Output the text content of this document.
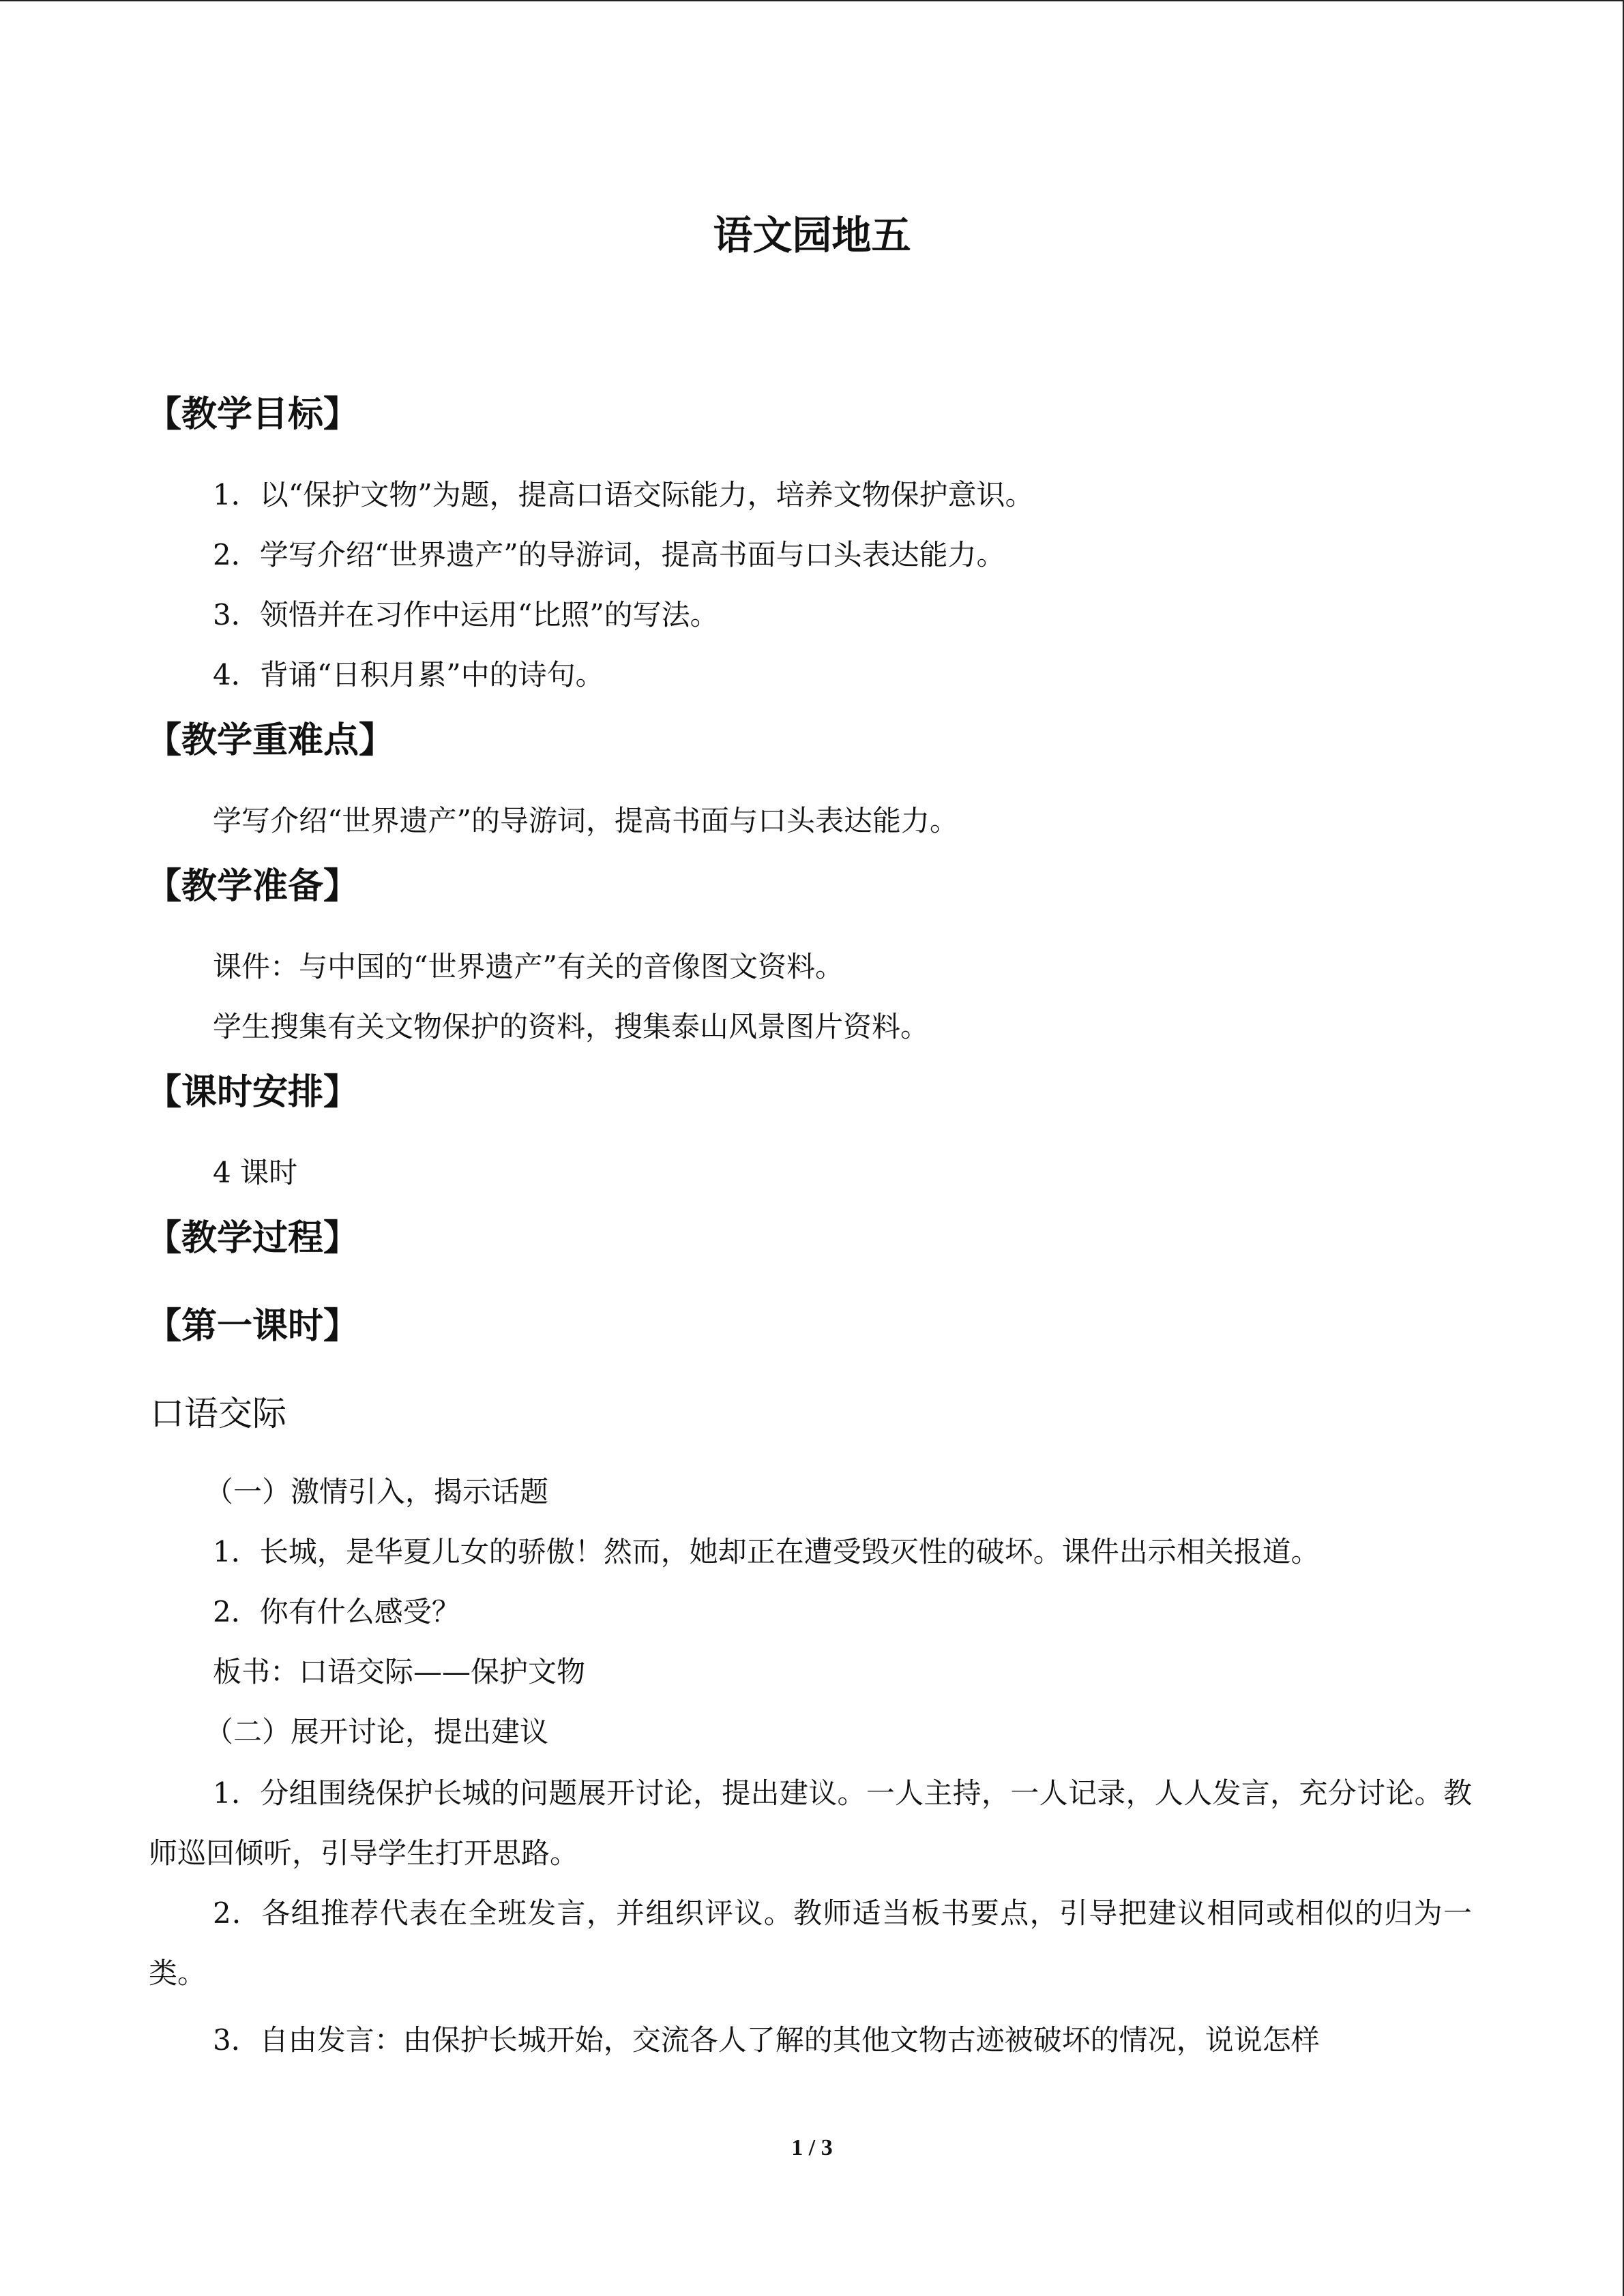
语文园地五
【教学目标】
1．以“保护文物”为题，提高口语交际能力，培养文物保护意识。
2．学写介绍“世界遗产”的导游词，提高书面与口头表达能力。
3．领悟并在习作中运用“比照”的写法。
4．背诵“日积月累”中的诗句。
【教学重难点】
学写介绍“世界遗产”的导游词，提高书面与口头表达能力。
【教学准备】
课件：与中国的“世界遗产”有关的音像图文资料。
学生搜集有关文物保护的资料，搜集泰山风景图片资料。
【课时安排】
4 课时
【教学过程】
【第一课时】
口语交际
（一）激情引入，揭示话题
1．长城，是华夏儿女的骄傲！然而，她却正在遭受毁灭性的破坏。课件出示相关报道。
2．你有什么感受？
板书：口语交际——保护文物
（二）展开讨论，提出建议
1．分组围绕保护长城的问题展开讨论，提出建议。一人主持，一人记录，人人发言，充分讨论。教师巡回倾听，引导学生打开思路。
2．各组推荐代表在全班发言，并组织评议。教师适当板书要点，引导把建议相同或相似的归为一类。
3．自由发言：由保护长城开始，交流各人了解的其他文物古迹被破坏的情况，说说怎样
1 / 3
